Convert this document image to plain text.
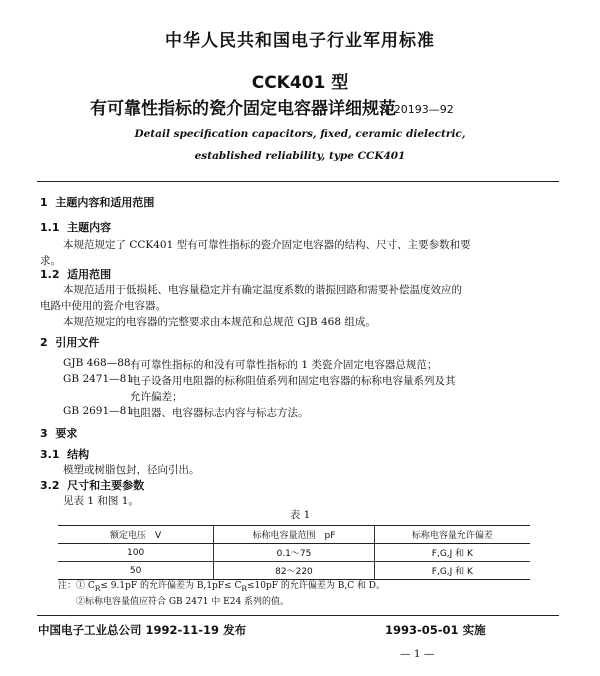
中华人民共和国电子行业军用标准
CCK401 型
有可靠性指标的瓷介固定电容器详细规范
SJ 20193—92
Detail specification capacitors, fixed, ceramic dielectric,
established reliability, type CCK401
1 主题内容和适用范围
1.1 主题内容
本规范规定了 CCK401 型有可靠性指标的瓷介固定电容器的结构、尺寸、主要参数和要
求。
1.2 适用范围
本规范适用于低损耗、电容量稳定并有确定温度系数的谐振回路和需要补偿温度效应的
电路中使用的瓷介电容器。
本规范规定的电容器的完整要求由本规范和总规范 GJB 468 组成。
2 引用文件
GJB 468—88 有可靠性指标的和没有可靠性指标的 1 类瓷介固定电容器总规范；
GB 2471—81
电子设备用电阻器的标称阻值系列和固定电容器的标称电容量系列及其
允许偏差；
GB 2691—81
电阻器、电容器标志内容与标志方法。
3 要求
3.1 结构
模塑或树脂包封，径向引出。
3.2 尺寸和主要参数
见表 1 和图 1。
表 1
额定电压　V	标称电容量范围　pF	标称电容量允许偏差
100	0.1～75	F,G,J 和 K
50	82～220	F,G,J 和 K
注：① $C_R\le 9.1pF$ 的允许偏差为 $B,1pF\le C_R\le 10pF$ 的允许偏差为 B,C 和 D。
②标称电容量值应符合 GB 2471 中 E24 系列的值。
中国电子工业总公司 1992-11-19 发布	1993-05-01 实施
— 1 —
